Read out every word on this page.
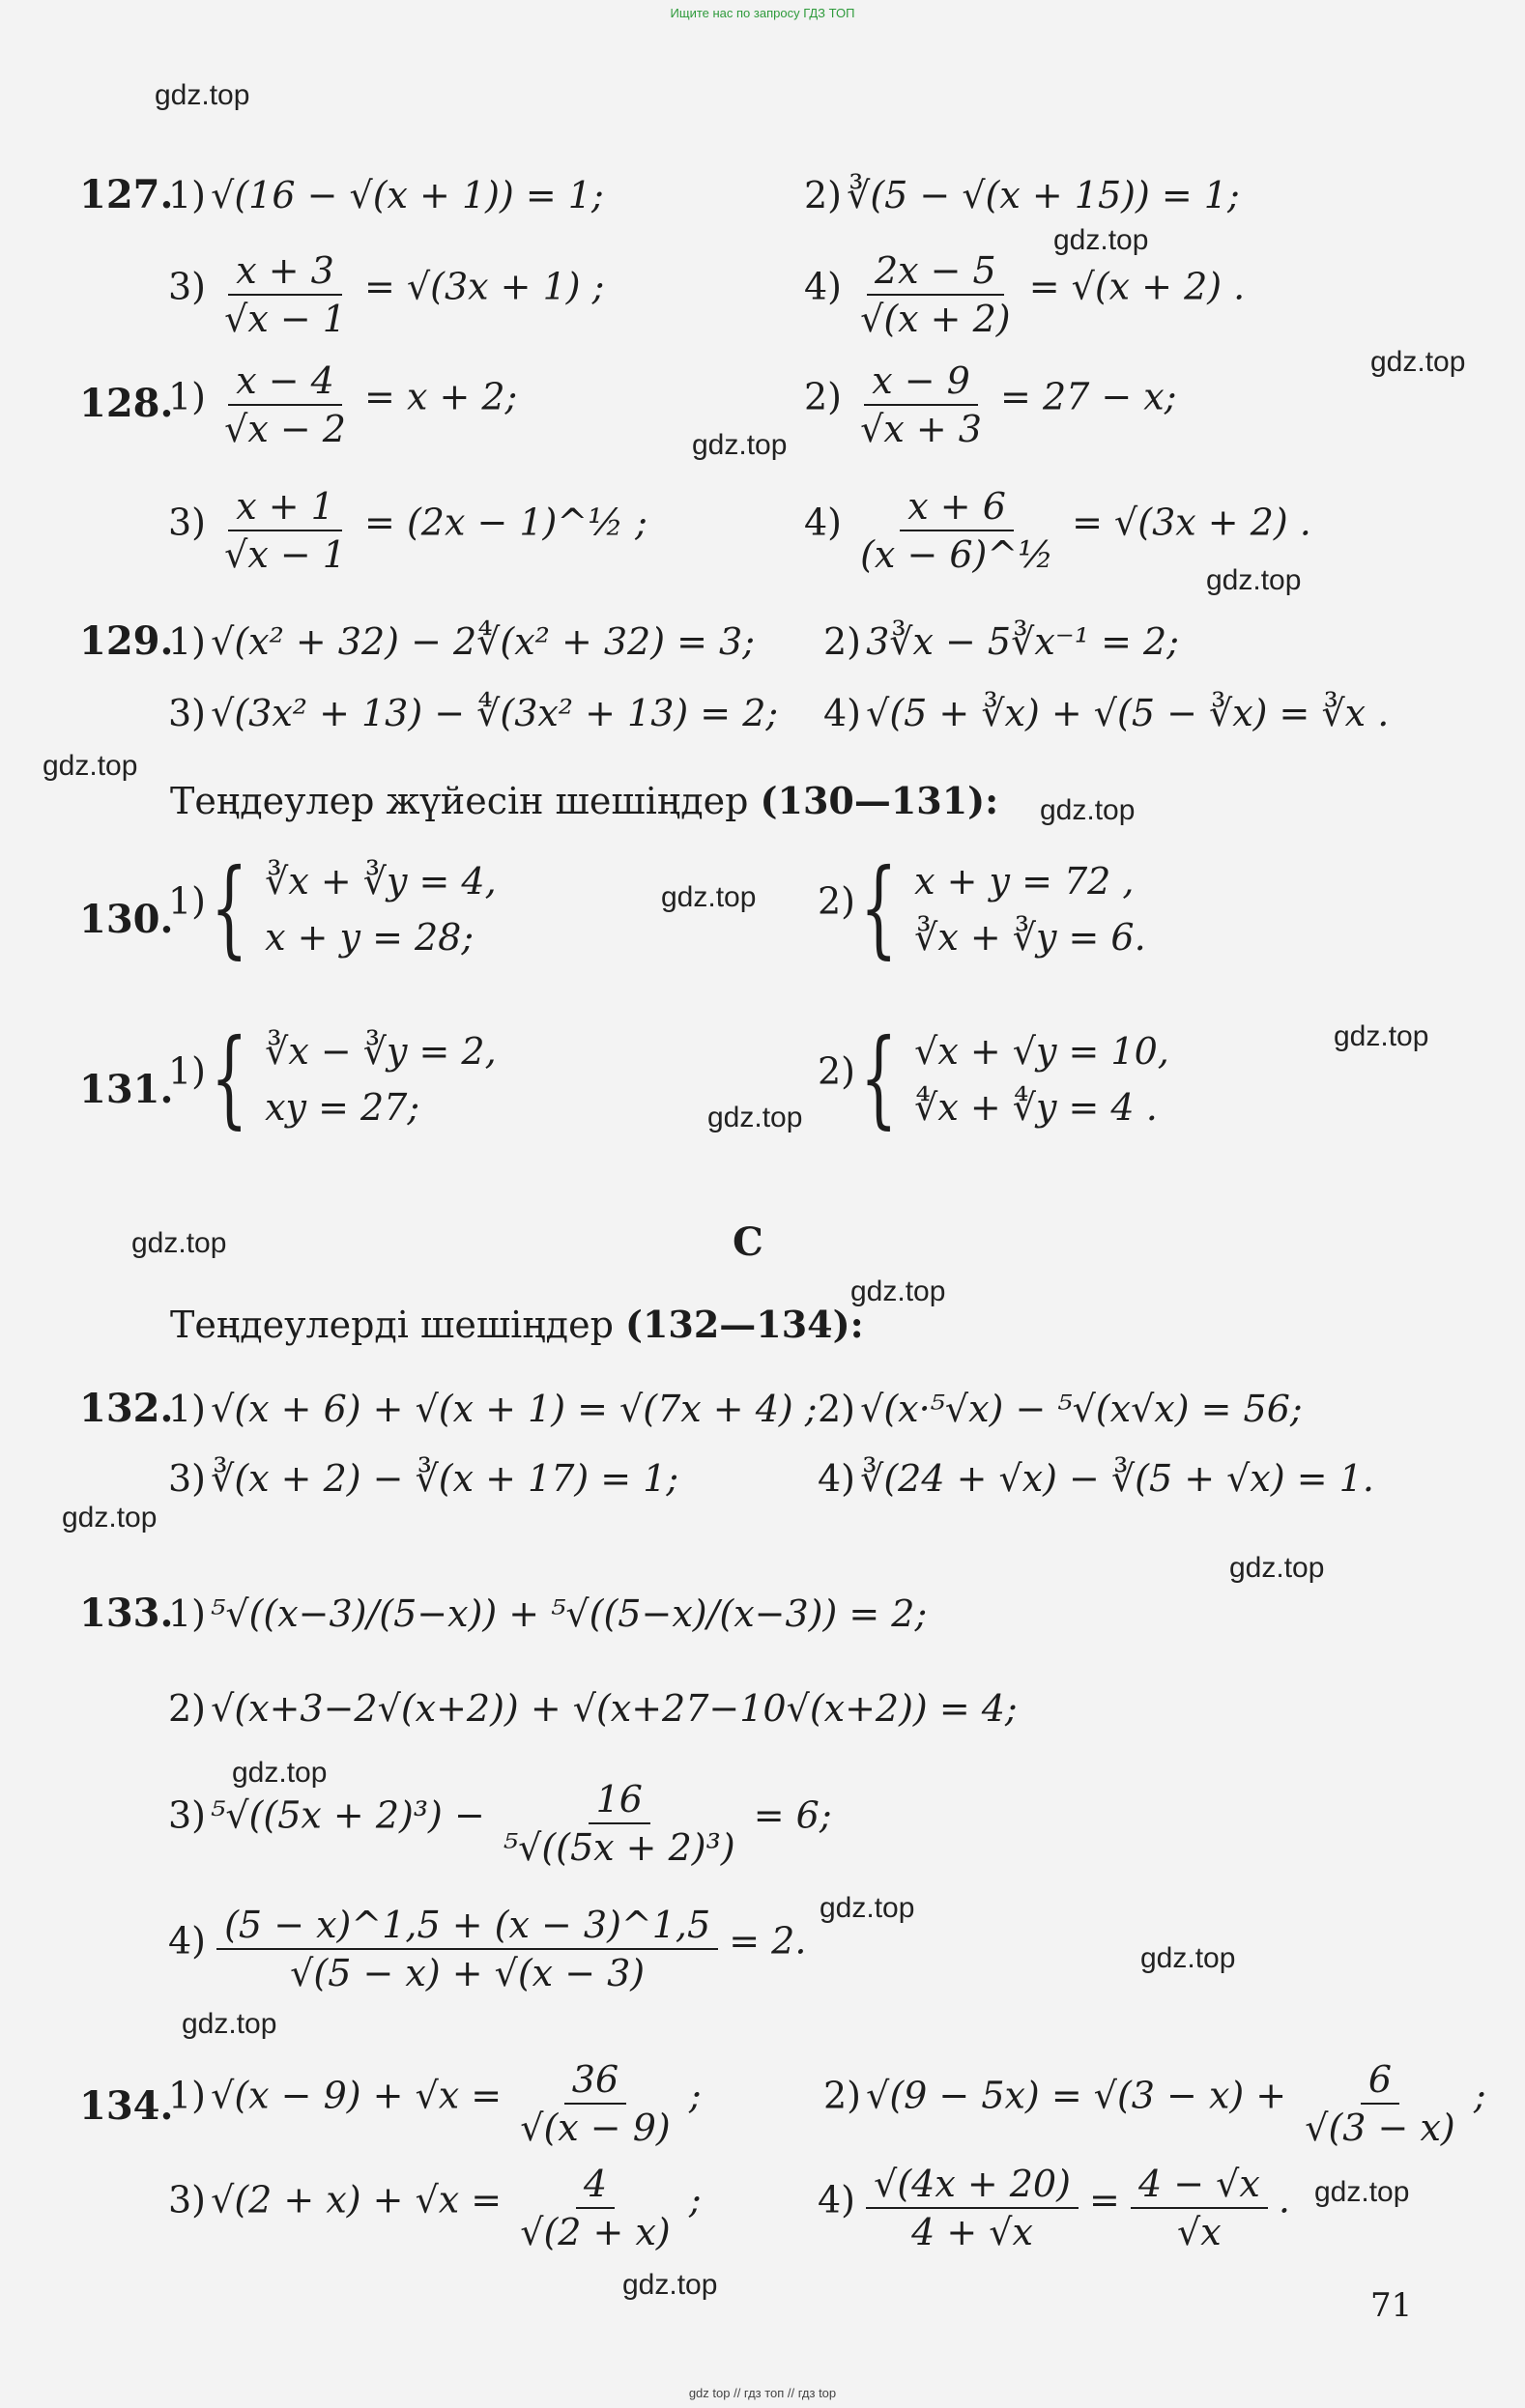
Ищите нас по запросу ГДЗ ТОП
gdz top // гдз топ // гдз top
gdz.top
gdz.top
gdz.top
gdz.top
gdz.top
gdz.top
gdz.top
gdz.top
gdz.top
gdz.top
gdz.top
gdz.top
gdz.top
gdz.top
gdz.top
gdz.top
gdz.top
gdz.top
gdz.top
gdz.top
127.
1) √(16 − √(x + 1)) = 1;	2) ∛(5 − √(x + 15)) = 1;
$3) \frac{x + 3}{√x - 1} = √(3x + 1)$ ;	$4) \frac{2x - 5}{√(x + 2)} = √(x + 2)$ .
128.
$1) \frac{x - 4}{√x - 2} = x + 2$;	$2) \frac{x - 9}{√x + 3} = 27 - x$;
$3) \frac{x + 1}{√x - 1} = (2x$ − 1)^½ ;	$4) \frac{x + 6}{\text{(x − 6)\textasciicircum{}½}} = √(3x + 2)$ .
129.
1) √(x² + 32) − 2∜(x² + 32) = 3; 2) 3∛x − 5∛x⁻¹ = 2;
3) √(3x² + 13) − ∜(3x² + 13) = 2; 4) √(5 + ∛x) + √(5 − ∛x) = ∛x .
Теңдеулер жүйесін шешіңдер (130—131):
130.
1) { ∛x + ∛y = 4,
x + y = 28;
2) { x + y = 72 ,
∛x + ∛y = 6.
131.
1) { ∛x − ∛y = 2,
xy = 27;
2) { √x + √y = 10,
∜x + ∜y = 4 .
C
Теңдеулерді шешіңдер (132—134):
132.
1) √(x + 6) + √(x + 1) = √(7x + 4) ; 2) √(x·⁵√x) − ⁵√(x√x) = 56;
3) ∛(x + 2) − ∛(x + 17) = 1;	4) ∛(24 + √x) − ∛(5 + √x) = 1.
133.
1) ⁵√((x−3)/(5−x)) + ⁵√((5−x)/(x−3)) = 2;
2) √(x+3−2√(x+2)) + √(x+27−10√(x+2)) = 4;
3) $^5√((5x + 2)^3) - \frac{16}{\text{⁵√((5x + 2)³)}} = 6$;
$4) \frac{(5 - x)\^{}1,5 + (x - 3)\^{}1,5}{√(5 - x) + √(x - 3)} = 2$.
134.
1) $√(x - 9) + √x = \frac{36}{√(x - 9)}$ ;	2) $√(9 - 5x) = √(3 - x) + \frac{6}{√(3 - x)}$ ;
3) $√(2 + x) + √x = \frac{4}{√(2 + x)}$ ;	$4) \frac{√(4x + 20)}{4 + √x} = \frac{4 - √x}{√x}$ .
71
